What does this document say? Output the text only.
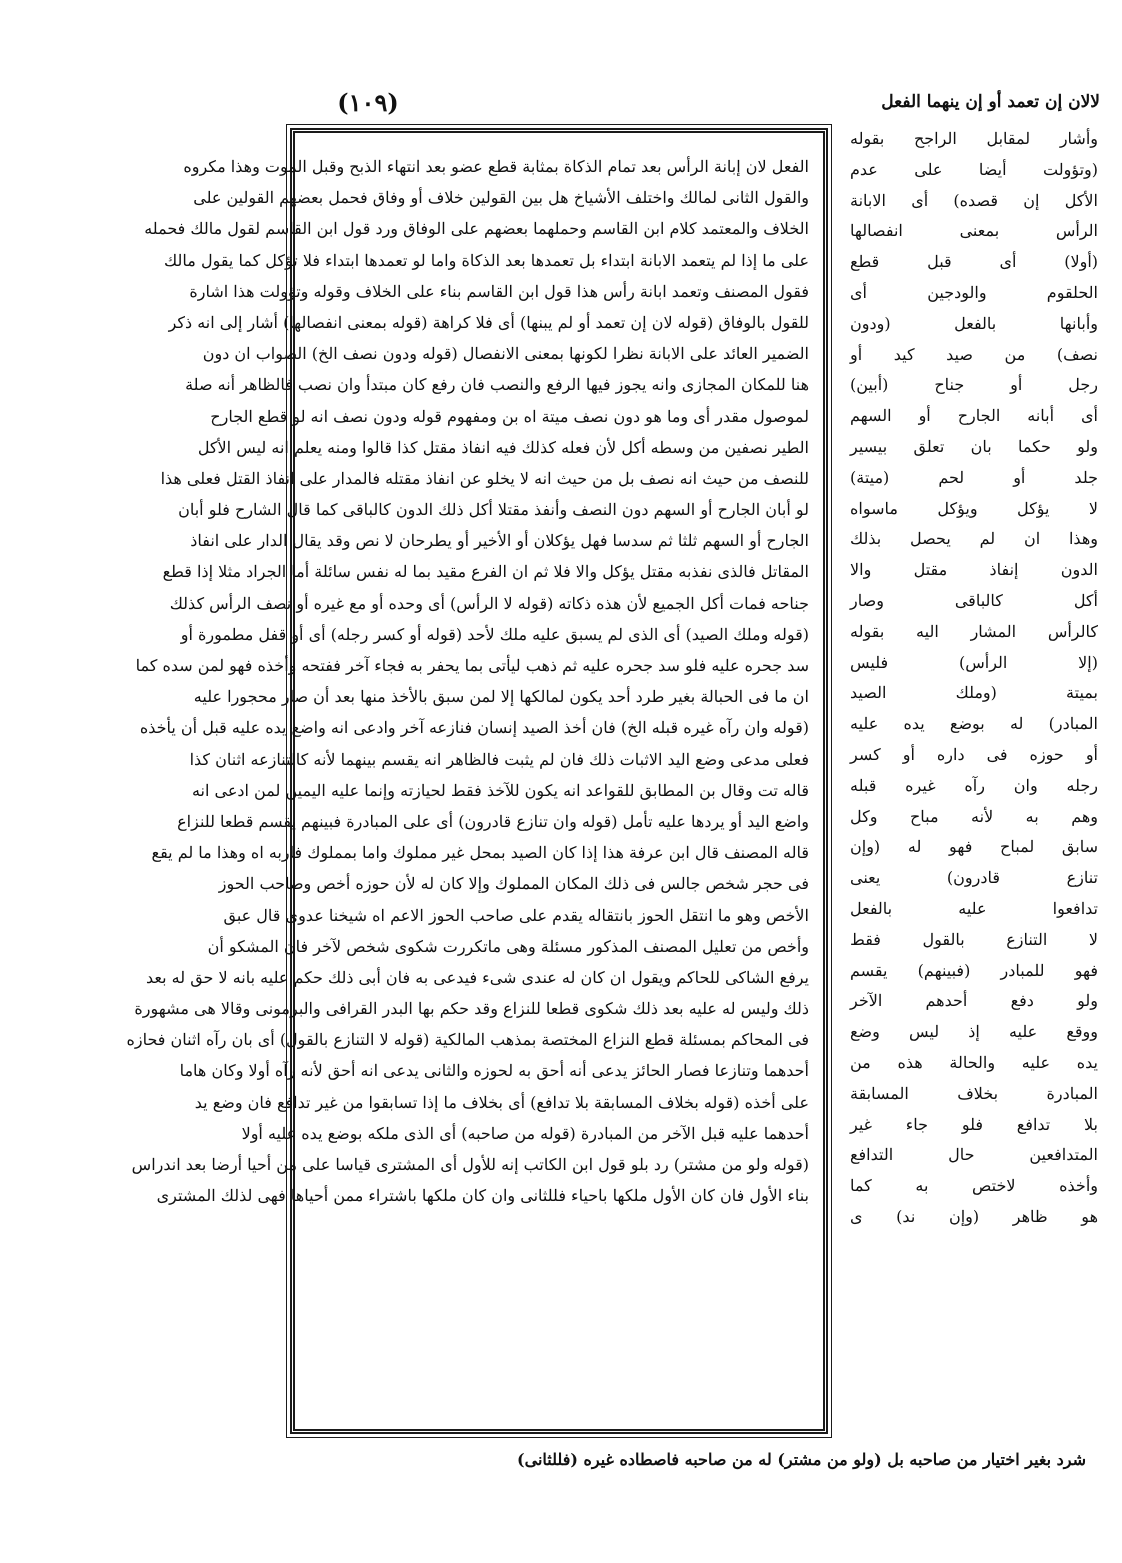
لالان إن تعمد أو إن ينهما الفعل
(١٠٩)
وأشار لمقابل الراجح بقوله
(وتؤولت أيضا على عدم
الأكل إن قصده) أى الابانة
الرأس بمعنى انفصالها
(أولا) أى قبل قطع
الحلقوم والودجين أى
وأبانها بالفعل (ودون
نصف) من صيد كيد أو
رجل أو جناح (أبين)
أى أبانه الجارح أو السهم
ولو حكما بان تعلق بيسير
جلد أو لحم (ميتة)
لا يؤكل ويؤكل ماسواه
وهذا ان لم يحصل بذلك
الدون إنفاذ مقتل والا
أكل كالباقى وصار
كالرأس المشار اليه بقوله
(إلا الرأس) فليس
بميتة (وملك الصيد
المبادر) له بوضع يده عليه
أو حوزه فى داره أو كسر
رجله وان رآه غيره قبله
وهم به لأنه مباح وكل
سابق لمباح فهو له (وإن
تنازع قادرون) يعنى
تدافعوا عليه بالفعل
لا التنازع بالقول فقط
فهو للمبادر (فبينهم) يقسم
ولو دفع أحدهم الآخر
ووقع عليه إذ ليس وضع
يده عليه والحالة هذه من
المبادرة بخلاف المسابقة
بلا تدافع فلو جاء غير
المتدافعين حال التدافع
وأخذه لاختص به كما
هو ظاهر (وإن ند) ى
الفعل لان إبانة الرأس بعد تمام الذكاة بمثابة قطع عضو بعد انتهاء الذبح وقبل الموت وهذا مكروه
والقول الثانى لمالك واختلف الأشياخ هل بين القولين خلاف أو وفاق فحمل بعضهم القولين على
الخلاف والمعتمد كلام ابن القاسم وحملهما بعضهم على الوفاق ورد قول ابن القاسم لقول مالك فحمله
على ما إذا لم يتعمد الابانة ابتداء بل تعمدها بعد الذكاة واما لو تعمدها ابتداء فلا تؤكل كما يقول مالك
فقول المصنف وتعمد ابانة رأس هذا قول ابن القاسم بناء على الخلاف وقوله وتؤولت هذا اشارة
للقول بالوفاق (قوله لان إن تعمد أو لم يبنها) أى فلا كراهة (قوله بمعنى انفصالها) أشار إلى انه ذكر
الضمير العائد على الابانة نظرا لكونها بمعنى الانفصال (قوله ودون نصف الخ) الصواب ان دون
هنا للمكان المجازى وانه يجوز فيها الرفع والنصب فان رفع كان مبتدأ وان نصب فالظاهر أنه صلة
لموصول مقدر أى وما هو دون نصف ميتة اه بن ومفهوم قوله ودون نصف انه لو قطع الجارح
الطير نصفين من وسطه أكل لأن فعله كذلك فيه انفاذ مقتل كذا قالوا ومنه يعلم انه ليس الأكل
للنصف من حيث انه نصف بل من حيث انه لا يخلو عن انفاذ مقتله فالمدار على انفاذ القتل فعلى هذا
لو أبان الجارح أو السهم دون النصف وأنفذ مقتلا أكل ذلك الدون كالباقى كما قال الشارح فلو أبان
الجارح أو السهم ثلثا ثم سدسا فهل يؤكلان أو الأخير أو يطرحان لا نص وقد يقال الدار على انفاذ
المقاتل فالذى نفذبه مقتل يؤكل والا فلا ثم ان الفرع مقيد بما له نفس سائلة أما الجراد مثلا إذا قطع
جناحه فمات أكل الجميع لأن هذه ذكاته (قوله لا الرأس) أى وحده أو مع غيره أو نصف الرأس كذلك
(قوله وملك الصيد) أى الذى لم يسبق عليه ملك لأحد (قوله أو كسر رجله) أى أو قفل مطمورة أو
سد جحره عليه فلو سد جحره عليه ثم ذهب ليأتى بما يحفر به فجاء آخر ففتحه وأخذه فهو لمن سده كما
ان ما فى الحبالة بغير طرد أحد يكون لمالكها إلا لمن سبق بالأخذ منها بعد أن صار محجورا عليه
(قوله وان رآه غيره قبله الخ) فان أخذ الصيد إنسان فنازعه آخر وادعى انه واضع يده عليه قبل أن يأخذه
فعلى مدعى وضع اليد الاثبات ذلك فان لم يثبت فالظاهر انه يقسم بينهما لأنه كالتنازعه اثنان كذا
قاله تت وقال بن المطابق للقواعد انه يكون للآخذ فقط لحيازته وإنما عليه اليمين لمن ادعى انه
واضع اليد أو يردها عليه تأمل (قوله وان تنازع قادرون) أى على المبادرة فبينهم يقسم قطعا للنزاع
قاله المصنف قال ابن عرفة هذا إذا كان الصيد بمحل غير مملوك واما بمملوك فاربه اه وهذا ما لم يقع
فى حجر شخص جالس فى ذلك المكان المملوك وإلا كان له لأن حوزه أخص وصاحب الحوز
الأخص وهو ما انتقل الحوز بانتقاله يقدم على صاحب الحوز الاعم اه شيخنا عدوى قال عبق
وأخص من تعليل المصنف المذكور مسئلة وهى ماتكررت شكوى شخص لآخر فان المشكو أن
يرفع الشاكى للحاكم ويقول ان كان له عندى شىء فيدعى به فان أبى ذلك حكم عليه بانه لا حق له بعد
ذلك وليس له عليه بعد ذلك شكوى قطعا للنزاع وقد حكم بها البدر القرافى والبرمونى وقالا هى مشهورة
فى المحاكم بمسئلة قطع النزاع المختصة بمذهب المالكية (قوله لا التنازع بالقول) أى بان رآه اثنان فحازه
أحدهما وتنازعا فصار الحائز يدعى أنه أحق به لحوزه والثانى يدعى انه أحق لأنه رآه أولا وكان هاما
على أخذه (قوله بخلاف المسابقة بلا تدافع) أى بخلاف ما إذا تسابقوا من غير تدافع فان وضع يد
أحدهما عليه قبل الآخر من المبادرة (قوله من صاحبه) أى الذى ملكه بوضع يده عليه أولا
(قوله ولو من مشتر) رد بلو قول ابن الكاتب إنه للأول أى المشترى قياسا على من أحيا أرضا بعد اندراس
بناء الأول فان كان الأول ملكها باحياء فللثانى وان كان ملكها باشتراء ممن أحياها فهى لذلك المشترى
شرد بغير اختيار من صاحبه بل (ولو من مشتر) له من صاحبه فاصطاده غيره (فللثانى)
